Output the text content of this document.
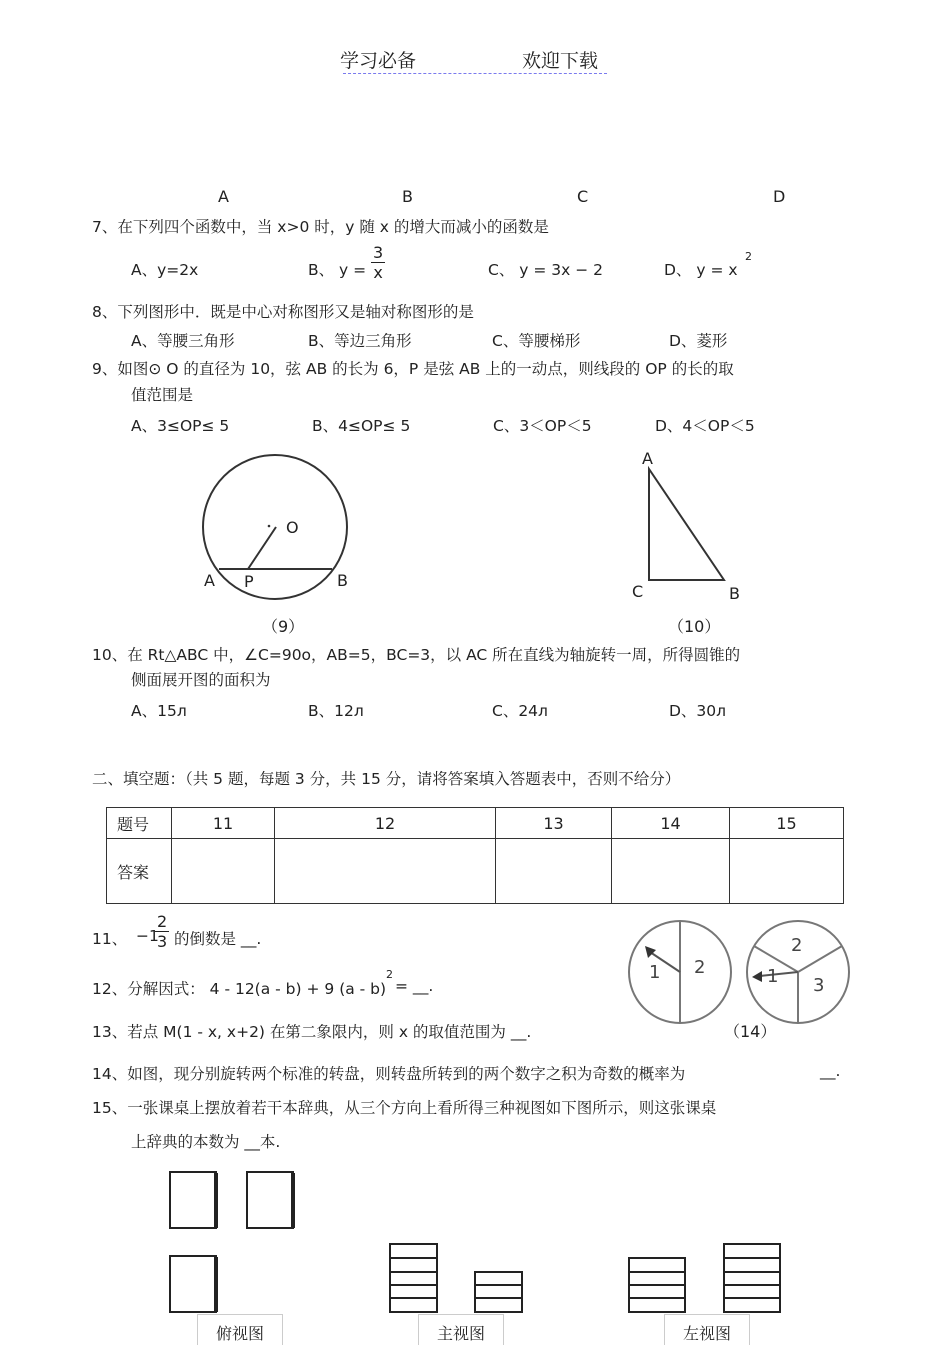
学习必备	欢迎下载
A	B	C	D
7、在下列四个函数中，当 x>0 时，y 随 x 的增大而减小的函数是
A、y=2x	B、 $y = \frac{3}{x}$	C、 y = 3x − 2	D、 y = x
2
8、下列图形中．既是中心对称图形又是轴对称图形的是
A、等腰三角形	B、等边三角形	C、等腰梯形	D、菱形
9、如图⊙ O 的直径为 10，弦 AB 的长为 6，P 是弦 AB 上的一动点，则线段的 OP 的长的取
值范围是
A、3≤OP≤ 5	B、4≤OP≤ 5	C、3＜OP＜5	D、4＜OP＜5
O
A P	B
（9）
A
C	B
（10）
10、在 Rt△ABC 中，∠C=90o，AB=5，BC=3，以 AC 所在直线为轴旋转一周，所得圆锥的
侧面展开图的面积为
A、15л	B、12л	C、24л	D、30л
二、填空题：（共 5 题，每题 3 分，共 15 分，请将答案填入答题表中，否则不给分）
题号	11	12	13	14	15
答案					
11、 −1
$\frac{2}{3}$ 的倒数是 __.
12、分解因式： 4 - 12(a - b) + 9 (a - b)
2
= __.
13、若点 M(1 - x, x+2) 在第二象限内，则 x 的取值范围为 __.
1 2
2
1 3
（14）
14、如图，现分别旋转两个标准的转盘，则转盘所转到的两个数字之积为奇数的概率为	__.
15、一张课桌上摆放着若干本辞典，从三个方向上看所得三种视图如下图所示，则这张课桌
上辞典的本数为 __本.
俯视图	主视图	左视图
